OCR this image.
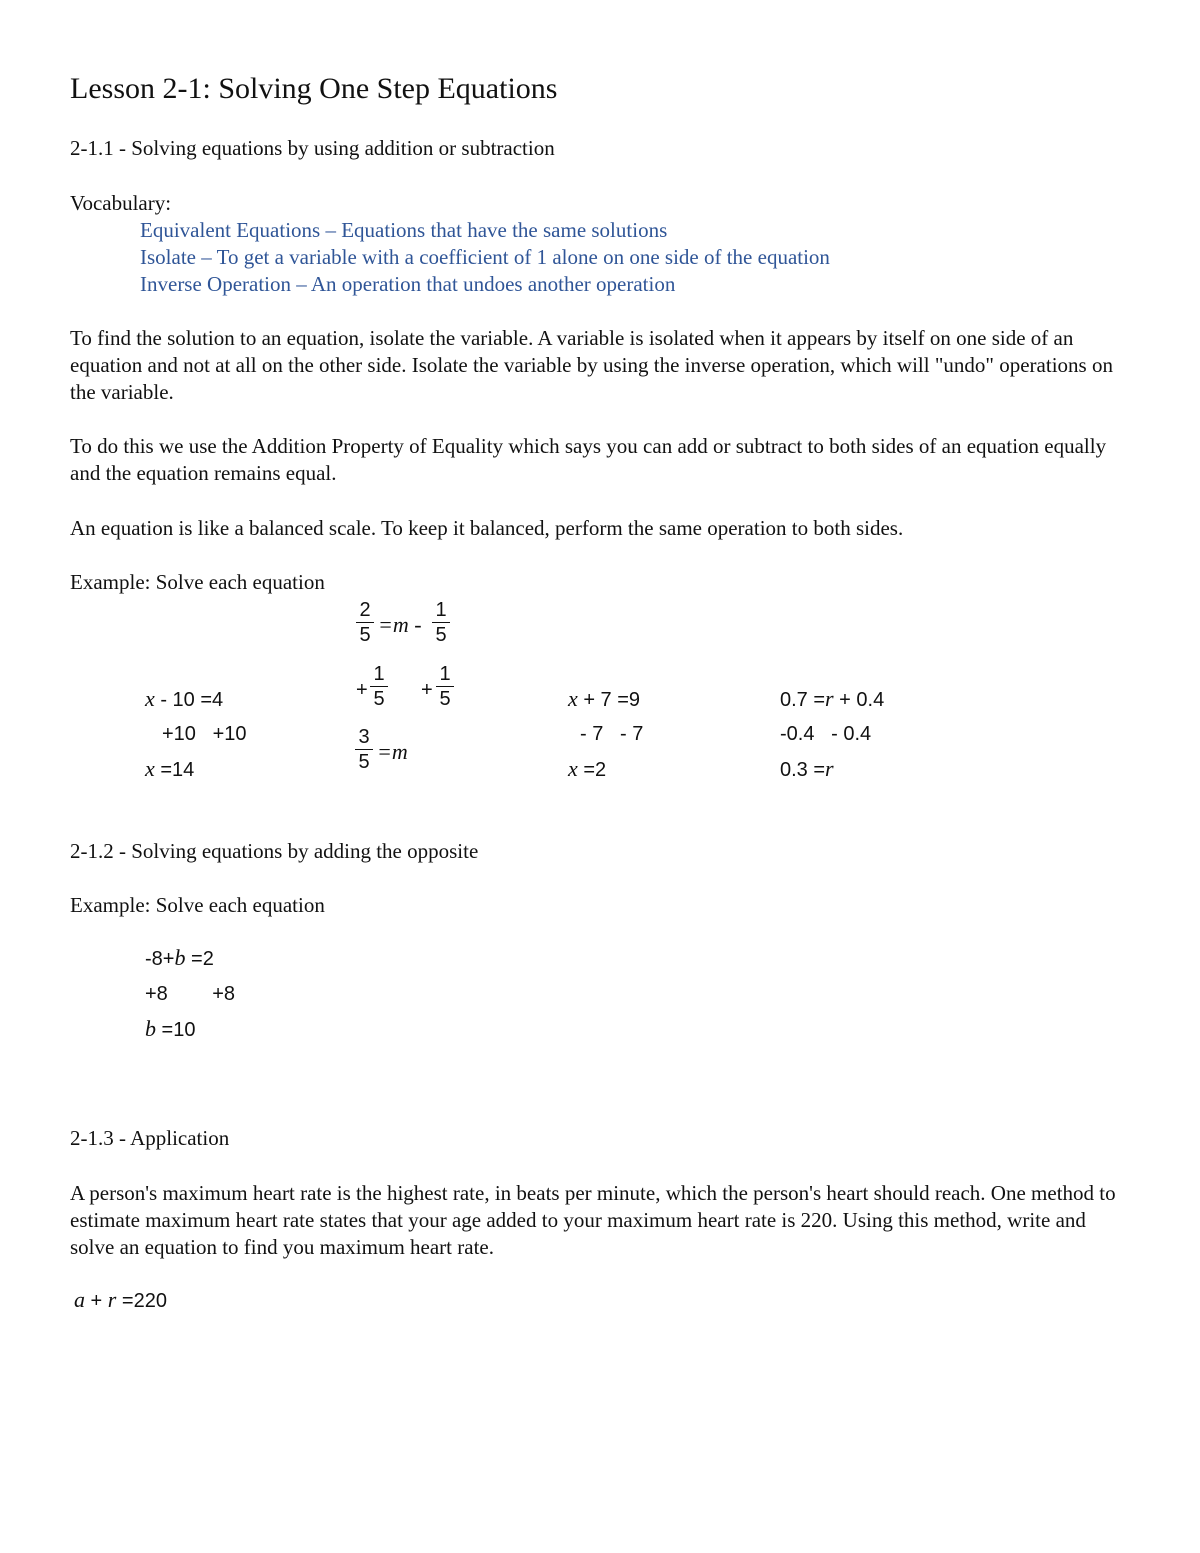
Lesson 2-1: Solving One Step Equations
2-1.1 - Solving equations by using addition or subtraction
Vocabulary:
Equivalent Equations – Equations that have the same solutions
Isolate – To get a variable with a coefficient of 1 alone on one side of the equation
Inverse Operation – An operation that undoes another operation
To find the solution to an equation, isolate the variable. A variable is isolated when it appears by itself on one side of an equation and not at all on the other side. Isolate the variable by using the inverse operation, which will "undo" operations on the variable.
To do this we use the Addition Property of Equality which says you can add or subtract to both sides of an equation equally and the equation remains equal.
An equation is like a balanced scale. To keep it balanced, perform the same operation to both sides.
Example: Solve each equation
x - 10 =4
+10   +10
x =14
2
5 =m -
1
5
+
1
5 +
1
5
3
5 =m
x + 7 =9
- 7   - 7
x =2
0.7 =r + 0.4
-0.4   - 0.4
0.3 =r
2-1.2 - Solving equations by adding the opposite
Example: Solve each equation
-8+b =2
+8        +8
b =10
2-1.3 - Application
A person's maximum heart rate is the highest rate, in beats per minute, which the person's heart should reach. One method to estimate maximum heart rate states that your age added to your maximum heart rate is 220. Using this method, write and solve an equation to find you maximum heart rate.
a + r =220
